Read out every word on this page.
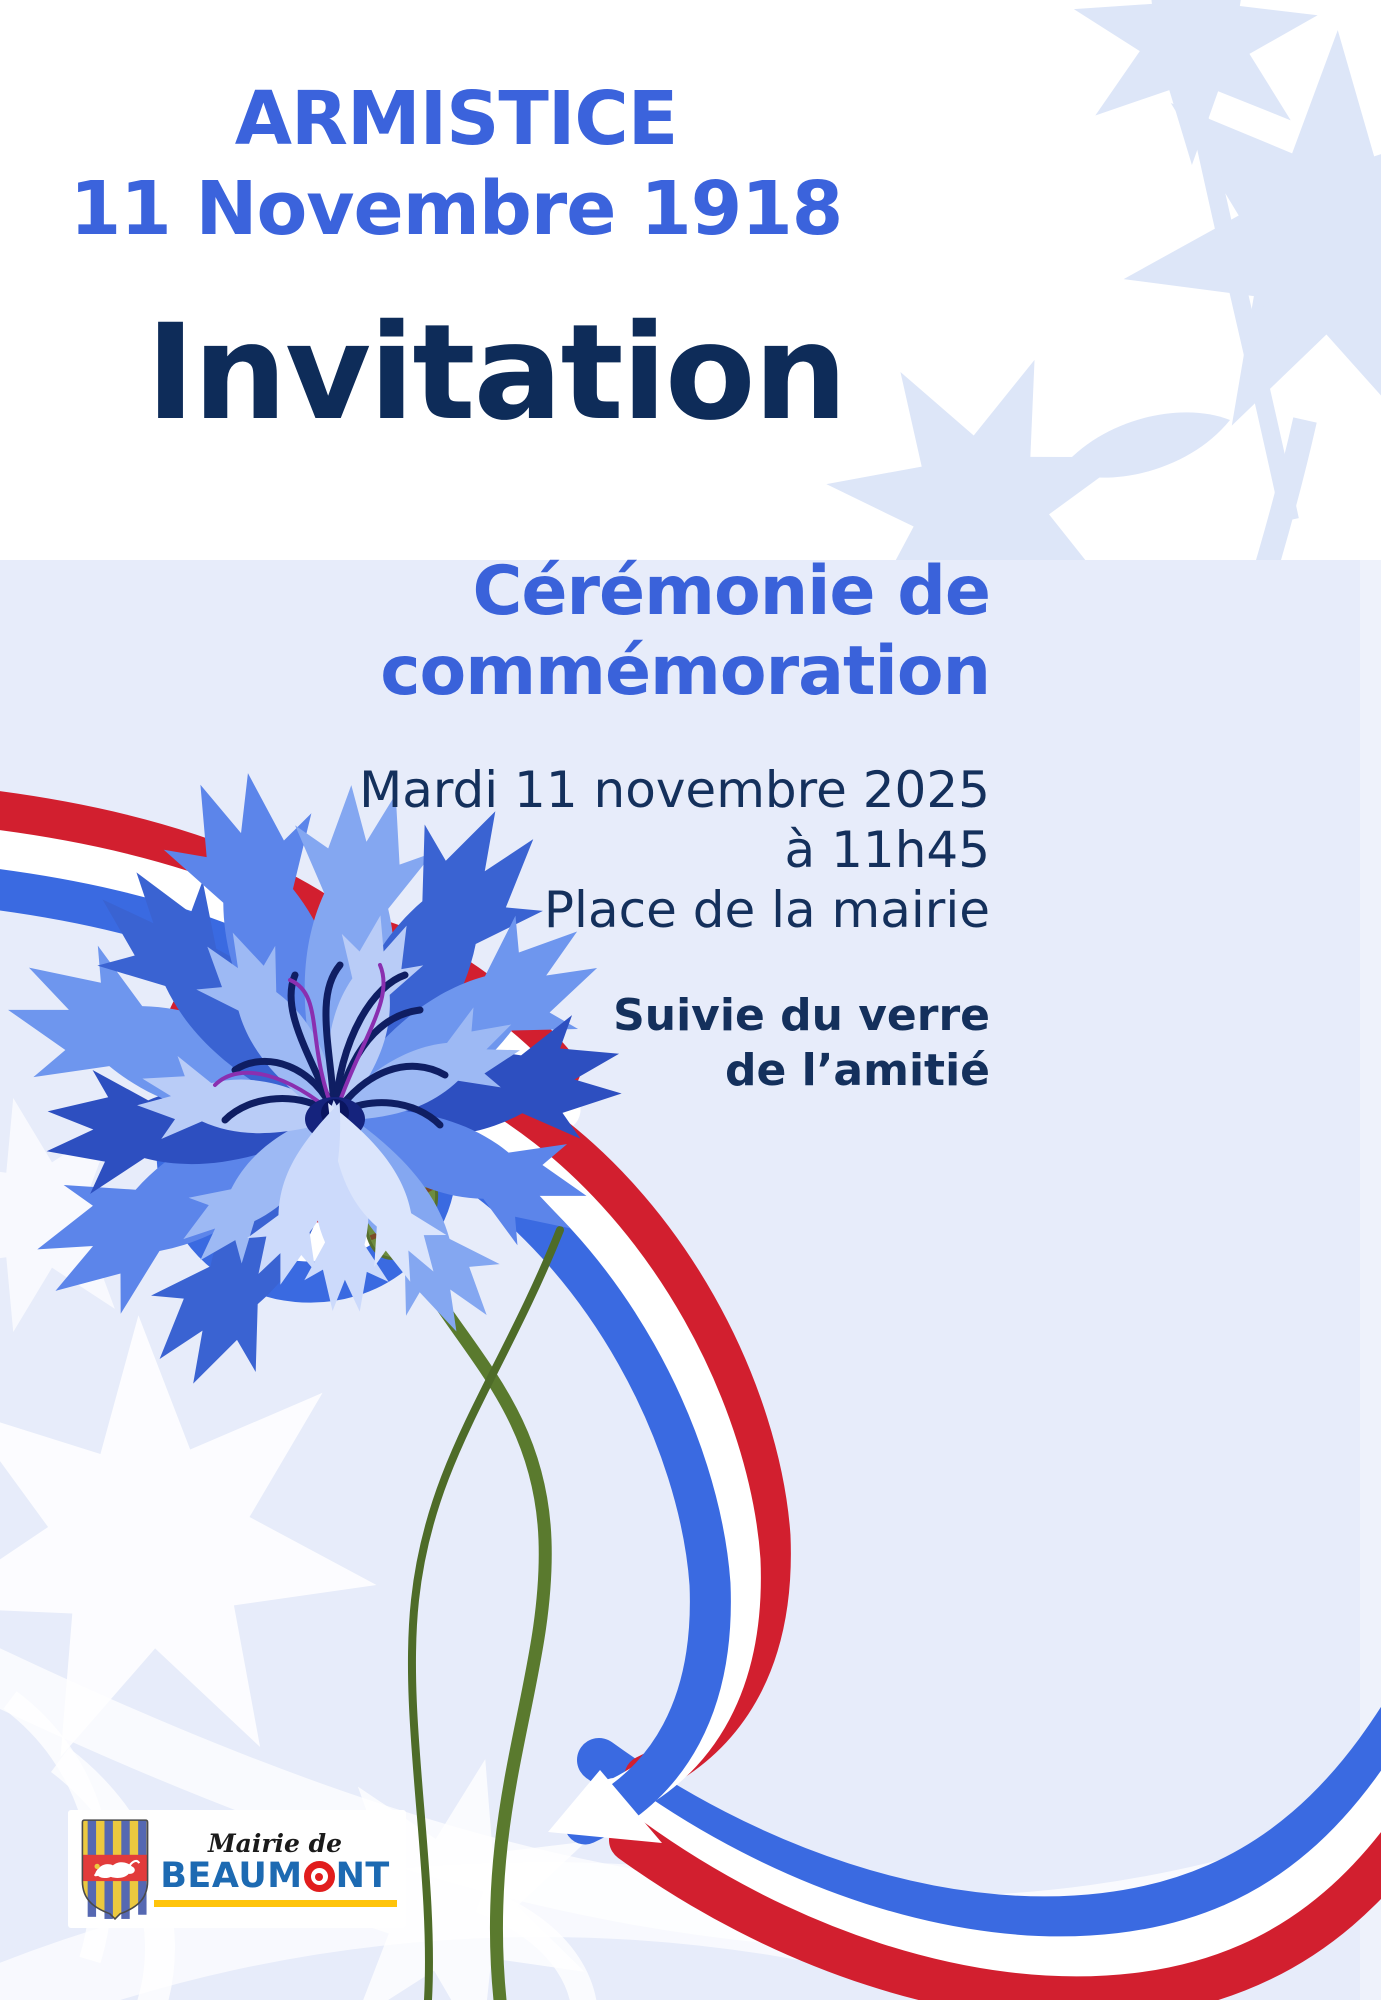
ARMISTICE
11 Novembre 1918
Invitation
Cérémonie de
commémoration
Mardi 11 novembre 2025
à 11h45
Place de la mairie
Suivie du verre
de l’amitié
Mairie de
BEAUM NT
